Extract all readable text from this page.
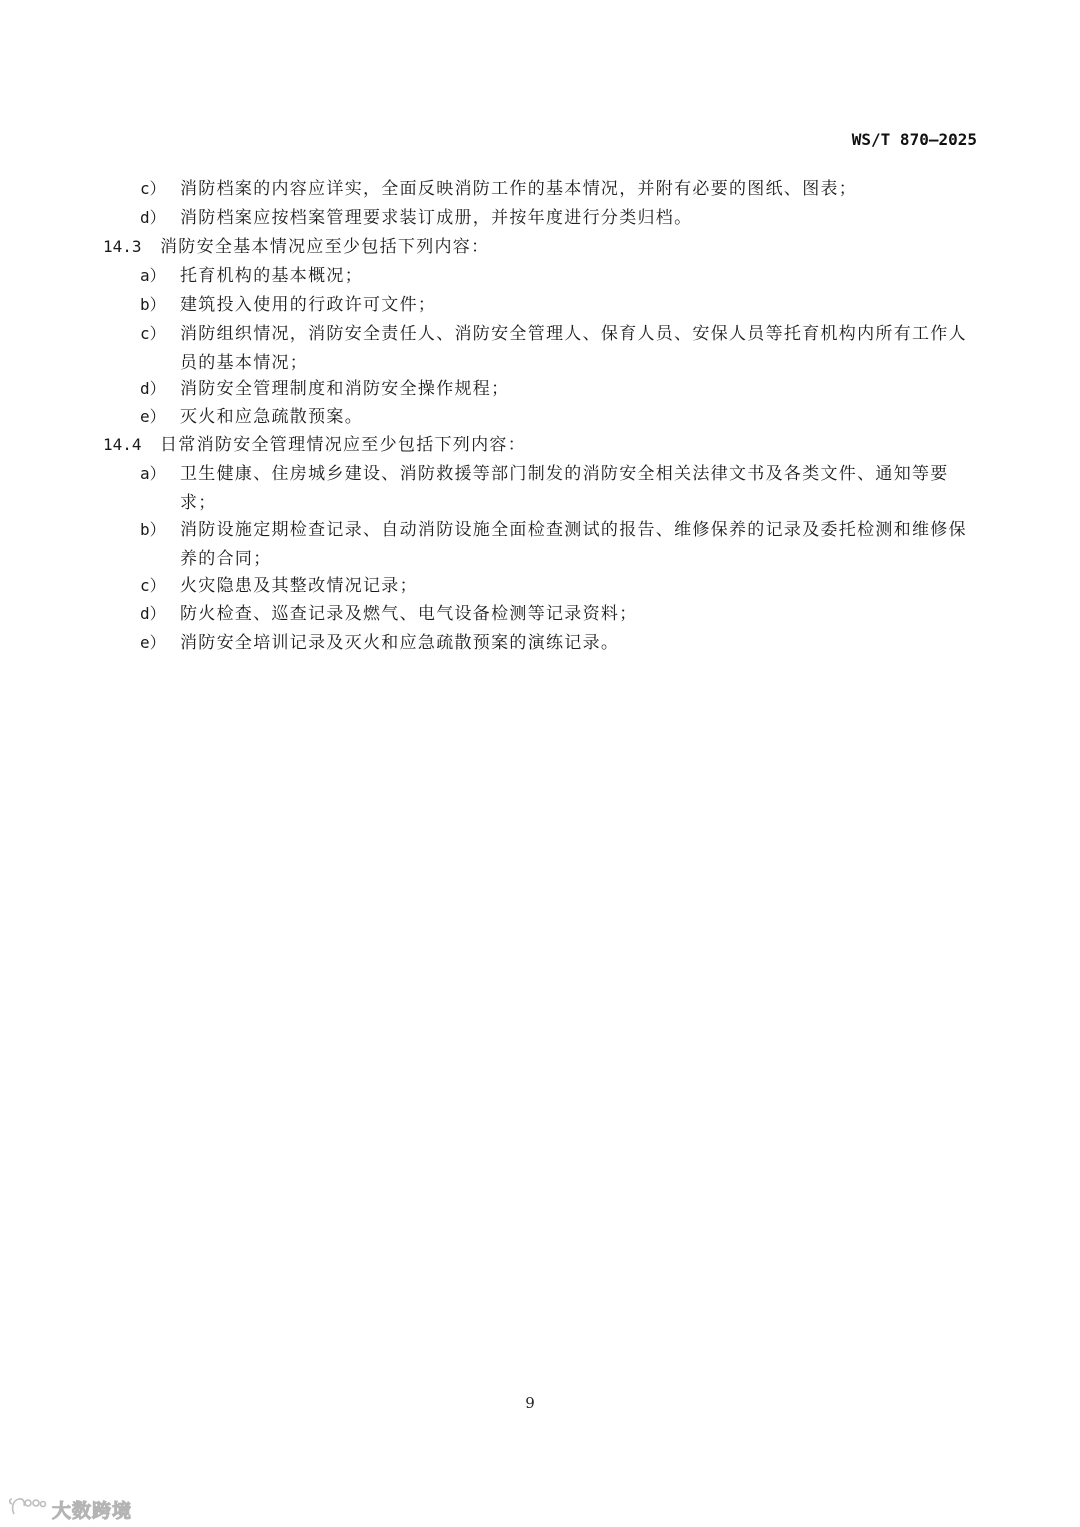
WS/T 870—2025
c） 消防档案的内容应详实，全面反映消防工作的基本情况，并附有必要的图纸、图表；
d） 消防档案应按档案管理要求装订成册，并按年度进行分类归档。
14.3 消防安全基本情况应至少包括下列内容：
a） 托育机构的基本概况；
b） 建筑投入使用的行政许可文件；
c） 消防组织情况，消防安全责任人、消防安全管理人、保育人员、安保人员等托育机构内所有工作人员的基本情况；
d） 消防安全管理制度和消防安全操作规程；
e） 灭火和应急疏散预案。
14.4 日常消防安全管理情况应至少包括下列内容：
a） 卫生健康、住房城乡建设、消防救援等部门制发的消防安全相关法律文书及各类文件、通知等要求；
b） 消防设施定期检查记录、自动消防设施全面检查测试的报告、维修保养的记录及委托检测和维修保养的合同；
c） 火灾隐患及其整改情况记录；
d） 防火检查、巡查记录及燃气、电气设备检测等记录资料；
e） 消防安全培训记录及灭火和应急疏散预案的演练记录。
9
大数跨境
